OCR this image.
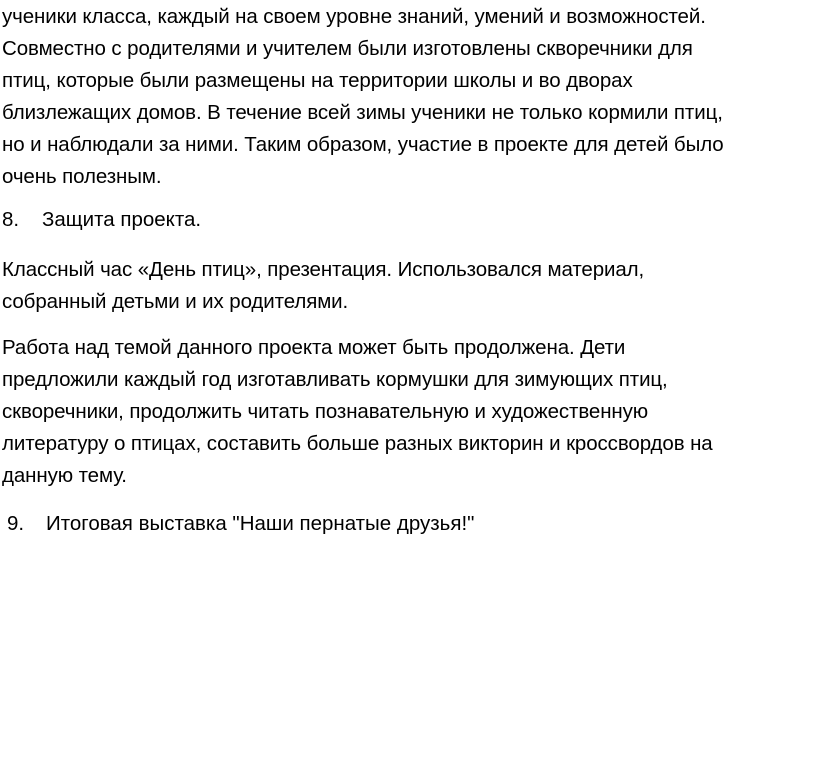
ученики класса, каждый на своем уровне знаний, умений и возможностей.
Совместно с родителями и учителем были изготовлены скворечники для
птиц, которые были размещены на территории школы и во дворах
близлежащих домов. В течение всей зимы ученики не только кормили птиц,
но и наблюдали за ними. Таким образом, участие в проекте для детей было
очень полезным.
8. Защита проекта.
Классный час «День птиц», презентация. Использовался материал,
собранный детьми и их родителями.
Работа над темой данного проекта может быть продолжена. Дети
предложили каждый год изготавливать кормушки для зимующих птиц,
скворечники, продолжить читать познавательную и художественную
литературу о птицах, составить больше разных викторин и кроссвордов на
данную тему.
9. Итоговая выставка "Наши пернатые друзья!"
